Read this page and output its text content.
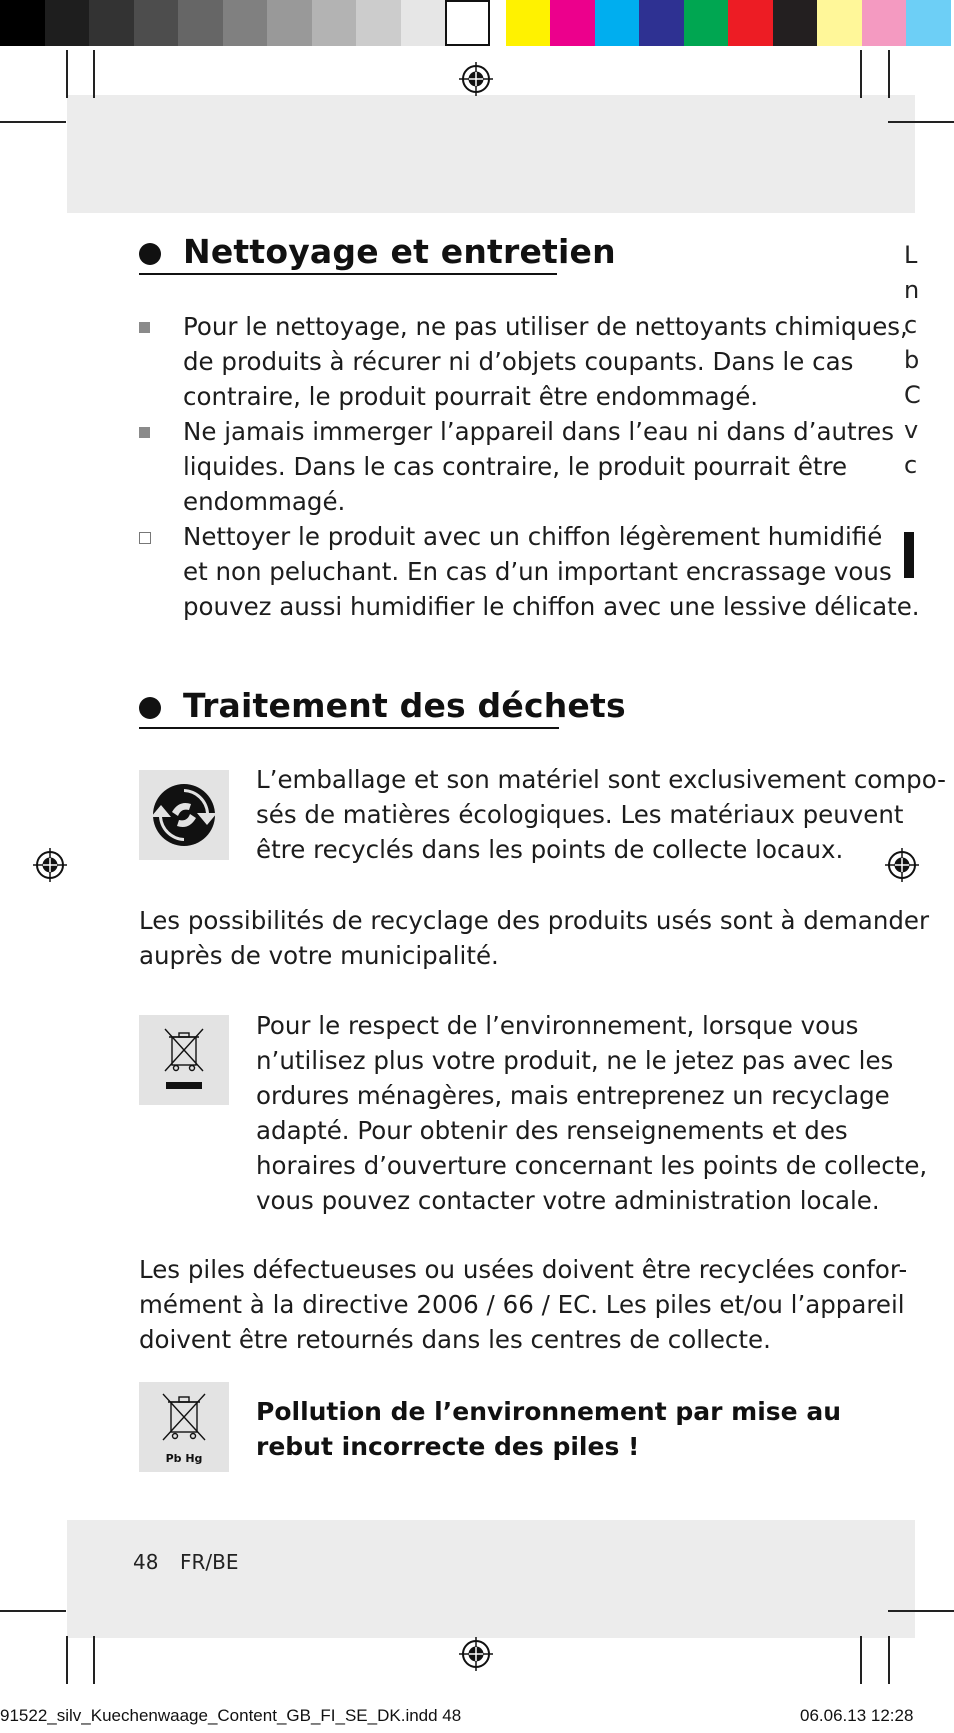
Nettoyage et entretien
Pour le nettoyage, ne pas utiliser de nettoyants chimiques,
de produits à récurer ni d’objets coupants. Dans le cas
contraire, le produit pourrait être endommagé.
Ne jamais immerger l’appareil dans l’eau ni dans d’autres
liquides. Dans le cas contraire, le produit pourrait être
endommagé.
Nettoyer le produit avec un chiffon légèrement humidifié
et non peluchant. En cas d’un important encrassage vous
pouvez aussi humidifier le chiffon avec une lessive délicate.
Traitement des déchets
L’emballage et son matériel sont exclusivement compo-
sés de matières écologiques. Les matériaux peuvent
être recyclés dans les points de collecte locaux.
Les possibilités de recyclage des produits usés sont à demander
auprès de votre municipalité.
Pour le respect de l’environnement, lorsque vous
n’utilisez plus votre produit, ne le jetez pas avec les
ordures ménagères, mais entreprenez un recyclage
adapté. Pour obtenir des renseignements et des
horaires d’ouverture concernant les points de collecte,
vous pouvez contacter votre administration locale.
Les piles défectueuses ou usées doivent être recyclées confor-
mément à la directive 2006 / 66 / EC. Les piles et/ou l’appareil
doivent être retournés dans les centres de collecte.
Pb Hg
Pollution de l’environnement par mise au
rebut incorrecte des piles !
L
n
c
b
C
v
c
48 FR/BE
91522_silv_Kuechenwaage_Content_GB_FI_SE_DK.indd 48	06.06.13 12:28
